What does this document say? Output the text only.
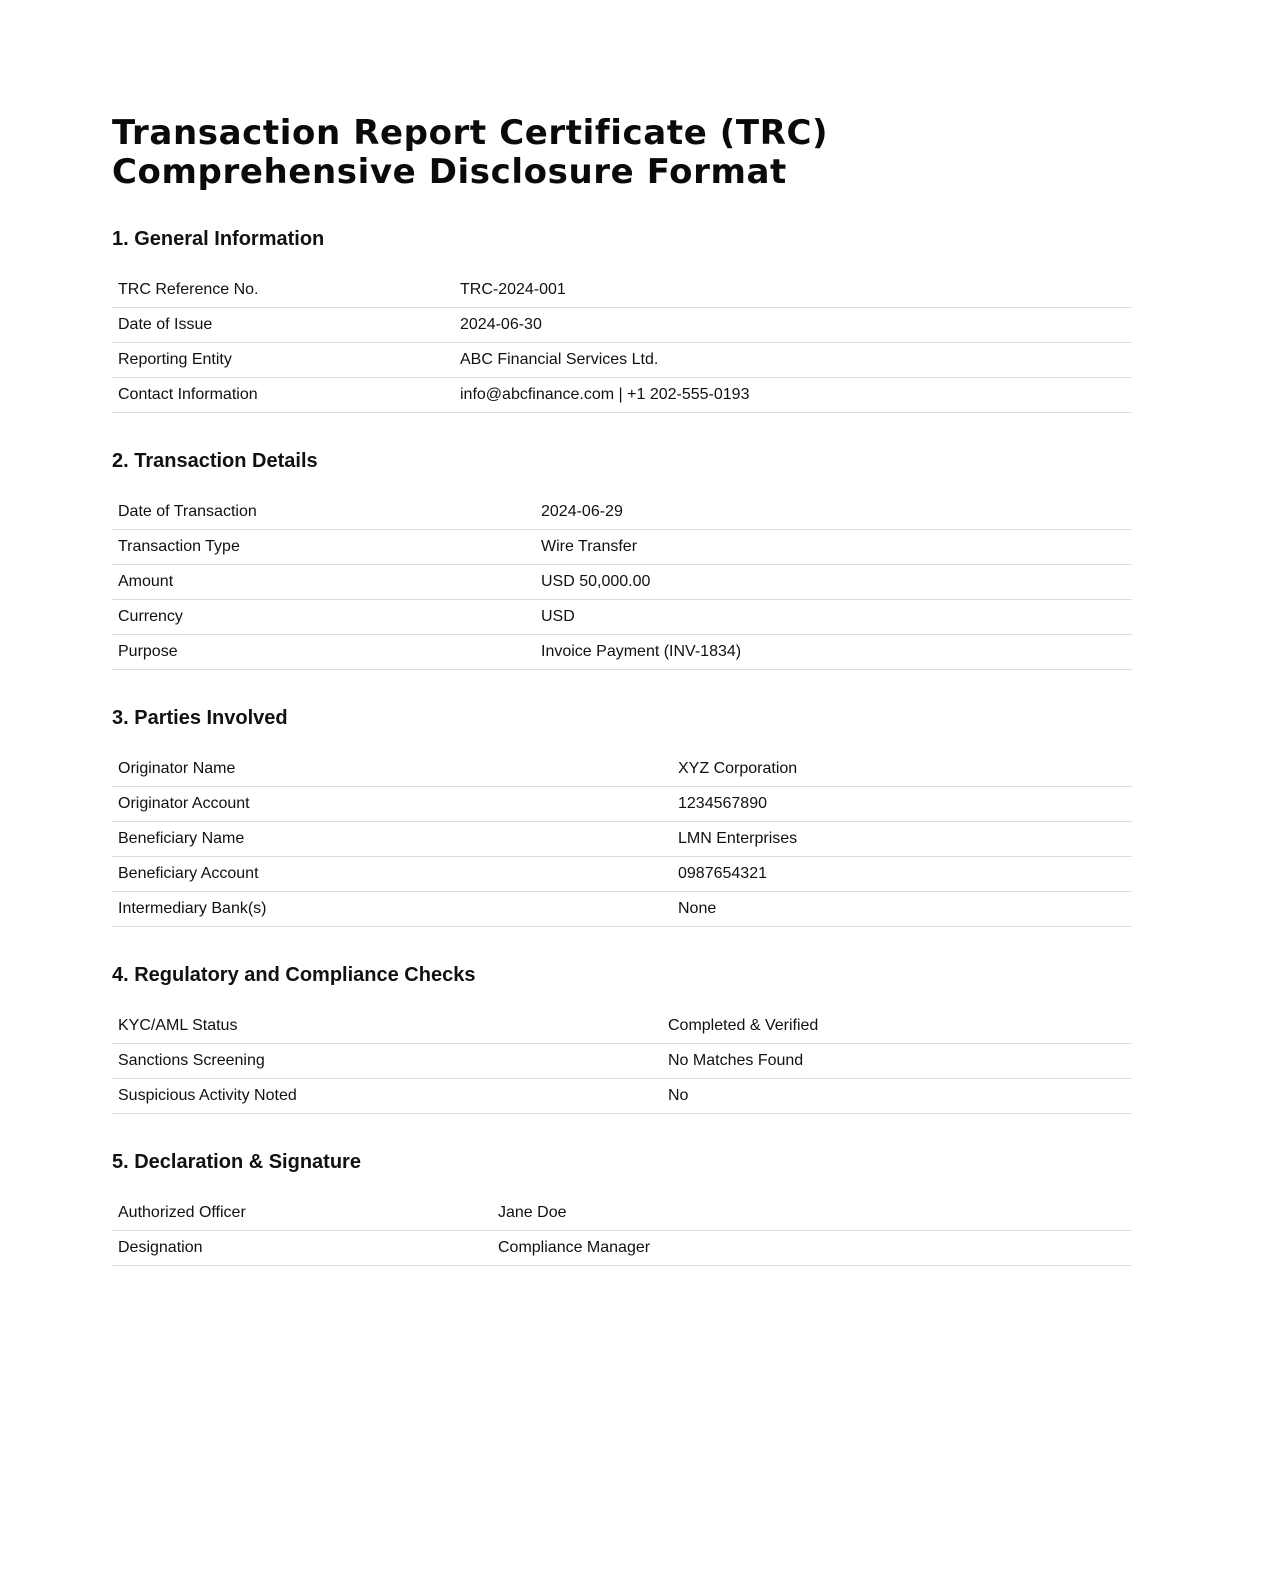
Transaction Report Certificate (TRC)
Comprehensive Disclosure Format
1. General Information
TRC Reference No.	TRC-2024-001
Date of Issue	2024-06-30
Reporting Entity	ABC Financial Services Ltd.
Contact Information	info@abcfinance.com | +1 202-555-0193
2. Transaction Details
Date of Transaction	2024-06-29
Transaction Type	Wire Transfer
Amount	USD 50,000.00
Currency	USD
Purpose	Invoice Payment (INV-1834)
3. Parties Involved
Originator Name	XYZ Corporation
Originator Account	1234567890
Beneficiary Name	LMN Enterprises
Beneficiary Account	0987654321
Intermediary Bank(s)	None
4. Regulatory and Compliance Checks
KYC/AML Status	Completed & Verified
Sanctions Screening	No Matches Found
Suspicious Activity Noted	No
5. Declaration & Signature
Authorized Officer	Jane Doe
Designation	Compliance Manager
